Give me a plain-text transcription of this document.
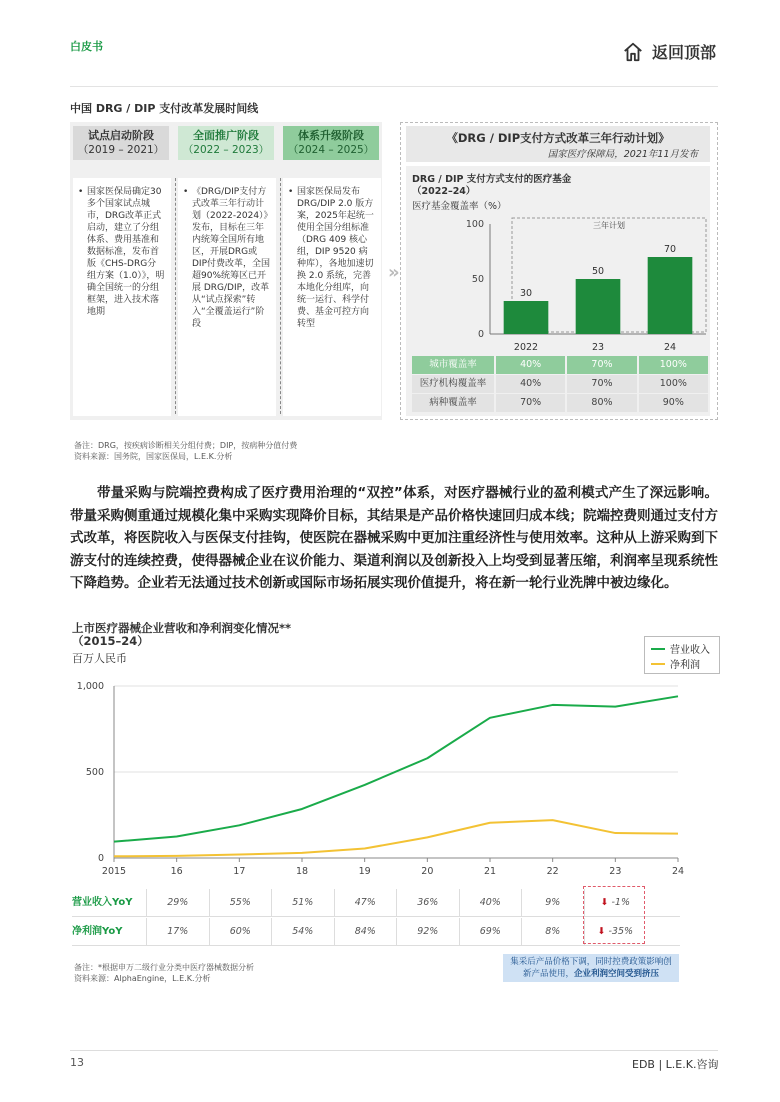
白皮书	返回顶部
中国 DRG / DIP 支付改革发展时间线
试点启动阶段
（2019 – 2021）
全面推广阶段
（2022 – 2023）
体系升级阶段
（2024 – 2025）
• 国家医保局确定30多个国家试点城市，DRG改革正式启动，建立了分组体系、费用基准和数据标准，发布首版《CHS-DRG分组方案（1.0）》，明确全国统一的分组框架，进入技术落地期
• 《DRG/DIP支付方式改革三年行动计划（2022-2024）》发布，目标在三年内统筹全国所有地区，开展DRG或DIP付费改革，全国超90%统筹区已开展 DRG/DIP，改革从“试点探索”转入“全覆盖运行”阶段
• 国家医保局发布 DRG/DIP 2.0 版方案，2025年起统一使用全国分组标准（DRG 409 核心组，DIP 9520 病种库），各地加速切换 2.0 系统，完善本地化分组库，向统一运行、科学付费、基金可控方向转型
»
《DRG / DIP支付方式改革三年行动计划》
国家医疗保障局，2021年11月发布
DRG / DIP 支付方式支付的医疗基金
（2022–24）
医疗基金覆盖率（%）
0
50
100	三年计划
30
2022
50
23
70
24
城市覆盖率	40%	70%	100%
医疗机构覆盖率	40%	70%	100%
病种覆盖率	70%	80%	90%
备注：DRG，按疾病诊断相关分组付费；DIP，按病种分值付费
资料来源：国务院，国家医保局，L.E.K.分析
带量采购与院端控费构成了医疗费用治理的“双控”体系，对医疗器械行业的盈利模式产生了深远影响。带量采购侧重通过规模化集中采购实现降价目标，其结果是产品价格快速回归成本线；院端控费则通过支付方式改革，将医院收入与医保支付挂钩，使医院在器械采购中更加注重经济性与使用效率。这种从上游采购到下游支付的连续控费，使得器械企业在议价能力、渠道利润以及创新投入上均受到显著压缩，利润率呈现系统性下降趋势。企业若无法通过技术创新或国际市场拓展实现价值提升，将在新一轮行业洗牌中被边缘化。
上市医疗器械企业营收和净利润变化情况**
（2015–24）
百万人民币
营业收入
净利润
0
500
1,000
2015	16	17	18	19	20	21	22	23	24
营业收入YoY	29%	55%	51%	47%	36%	40%	9%	⬇ -1%
净利润YoY	17%	60%	54%	84%	92%	69%	8%	⬇ -35%
集采后产品价格下调，同时控费政策影响创
新产品使用，企业利润空间受到挤压
备注：*根据申万二级行业分类中医疗器械数据分析
资料来源：AlphaEngine，L.E.K.分析
13	EDB | L.E.K.咨询
